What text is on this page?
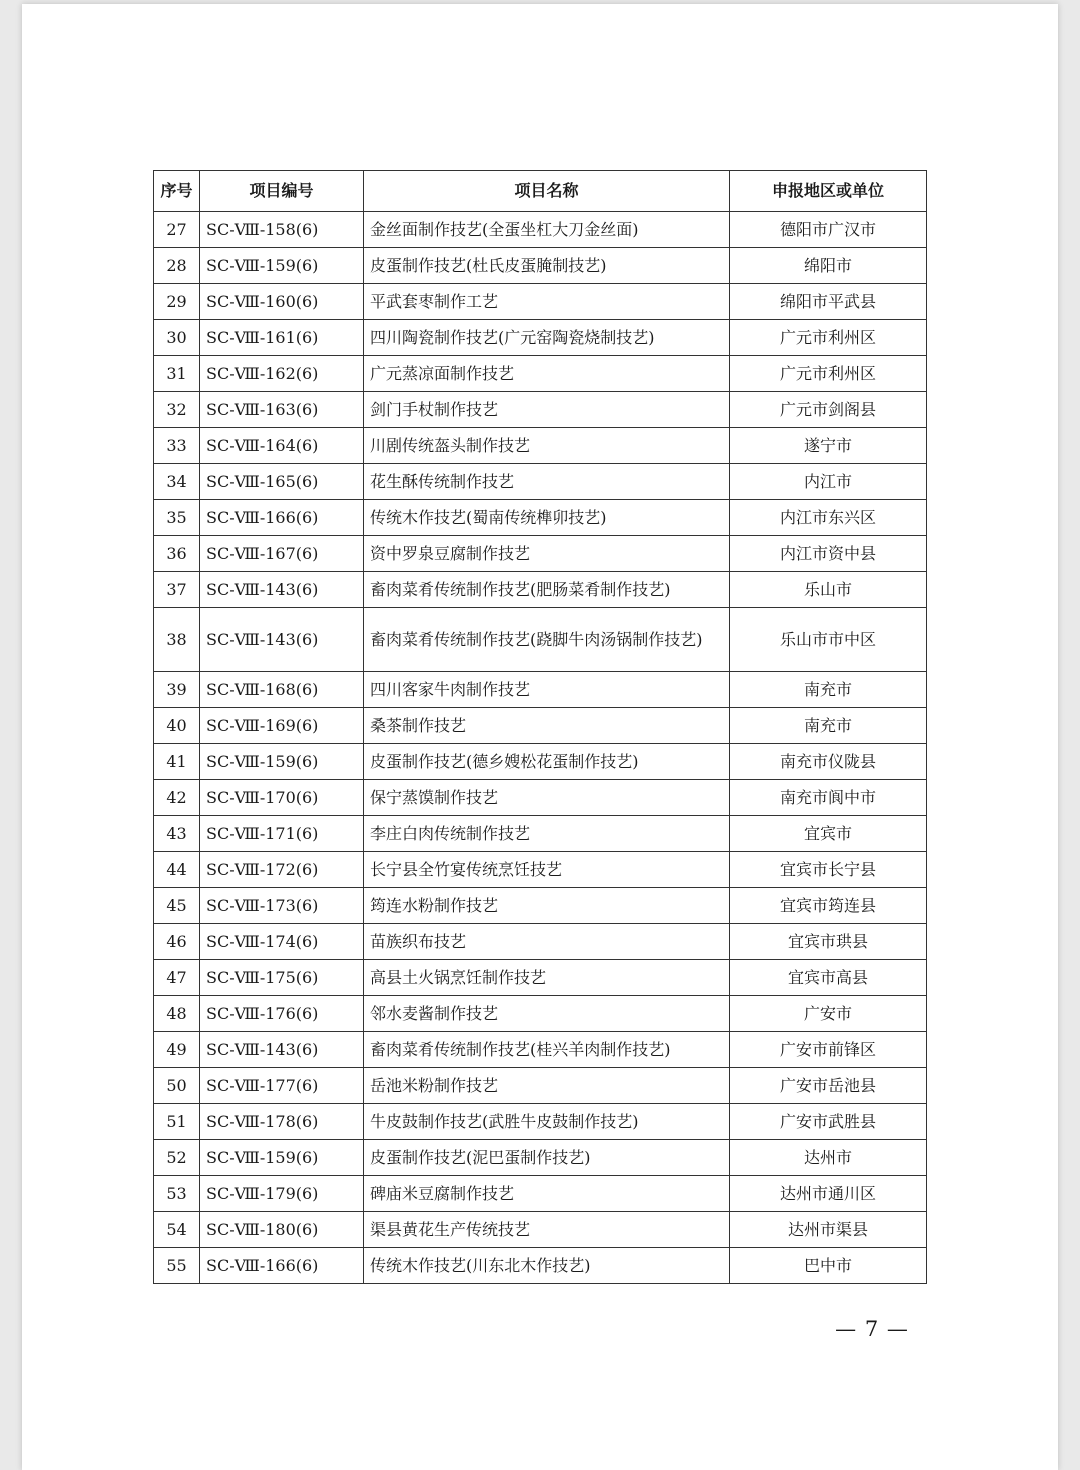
序号	项目编号	项目名称	申报地区或单位
27	SC-Ⅷ-158(6)	金丝面制作技艺(全蛋坐杠大刀金丝面)	德阳市广汉市
28	SC-Ⅷ-159(6)	皮蛋制作技艺(杜氏皮蛋腌制技艺)	绵阳市
29	SC-Ⅷ-160(6)	平武套枣制作工艺	绵阳市平武县
30	SC-Ⅷ-161(6)	四川陶瓷制作技艺(广元窑陶瓷烧制技艺)	广元市利州区
31	SC-Ⅷ-162(6)	广元蒸凉面制作技艺	广元市利州区
32	SC-Ⅷ-163(6)	剑门手杖制作技艺	广元市剑阁县
33	SC-Ⅷ-164(6)	川剧传统盔头制作技艺	遂宁市
34	SC-Ⅷ-165(6)	花生酥传统制作技艺	内江市
35	SC-Ⅷ-166(6)	传统木作技艺(蜀南传统榫卯技艺)	内江市东兴区
36	SC-Ⅷ-167(6)	资中罗泉豆腐制作技艺	内江市资中县
37	SC-Ⅷ-143(6)	畜肉菜肴传统制作技艺(肥肠菜肴制作技艺)	乐山市
38	SC-Ⅷ-143(6)	畜肉菜肴传统制作技艺(跷脚牛肉汤锅制作技艺)	乐山市市中区
39	SC-Ⅷ-168(6)	四川客家牛肉制作技艺	南充市
40	SC-Ⅷ-169(6)	桑茶制作技艺	南充市
41	SC-Ⅷ-159(6)	皮蛋制作技艺(德乡嫂松花蛋制作技艺)	南充市仪陇县
42	SC-Ⅷ-170(6)	保宁蒸馍制作技艺	南充市阆中市
43	SC-Ⅷ-171(6)	李庄白肉传统制作技艺	宜宾市
44	SC-Ⅷ-172(6)	长宁县全竹宴传统烹饪技艺	宜宾市长宁县
45	SC-Ⅷ-173(6)	筠连水粉制作技艺	宜宾市筠连县
46	SC-Ⅷ-174(6)	苗族织布技艺	宜宾市珙县
47	SC-Ⅷ-175(6)	高县土火锅烹饪制作技艺	宜宾市高县
48	SC-Ⅷ-176(6)	邻水麦酱制作技艺	广安市
49	SC-Ⅷ-143(6)	畜肉菜肴传统制作技艺(桂兴羊肉制作技艺)	广安市前锋区
50	SC-Ⅷ-177(6)	岳池米粉制作技艺	广安市岳池县
51	SC-Ⅷ-178(6)	牛皮鼓制作技艺(武胜牛皮鼓制作技艺)	广安市武胜县
52	SC-Ⅷ-159(6)	皮蛋制作技艺(泥巴蛋制作技艺)	达州市
53	SC-Ⅷ-179(6)	碑庙米豆腐制作技艺	达州市通川区
54	SC-Ⅷ-180(6)	渠县黄花生产传统技艺	达州市渠县
55	SC-Ⅷ-166(6)	传统木作技艺(川东北木作技艺)	巴中市
— 7 —
